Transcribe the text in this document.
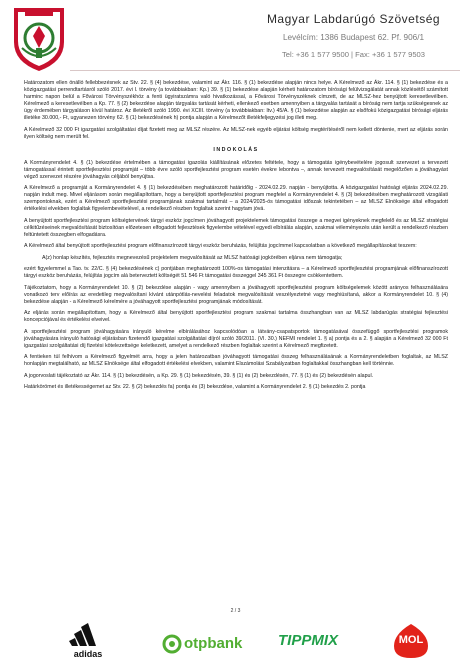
Magyar Labdarúgó Szövetség
Levélcím: 1386 Budapest 62. Pf. 906/1
Tel: +36 1 577 9500 | Fax: +36 1 577 9503

Határozatom ellen önálló fellebbezésnek az Stv. 22. § (4) bekezdése, valamint az Ákr. 116. § (1) bekezdése alapján nincs helye. A Kérelmező az Ákr. 114. § (1) bekezdése és a közigazgatási perrendtartásról szóló 2017. évi I. törvény (a továbbiakban: Kp.) 39. § (1) bekezdése alapján kérheti határozatom bírósági felülvizsgálatát annak közlésétől számított harminc napon belül a Fővárosi Törvényszékhöz a fenti ügyiratszámra való hivatkozással, a Fővárosi Törvényszéknek címzett, de az MLSZ-hez benyújtott keresetlevélben. Kérelmező a keresetlevélben a Kp. 77. § (2) bekezdése alapján tárgyalás tartását kérheti, ellenkező esetben amennyiben a tárgyalás tartását a bíróság nem tartja szükségesnek az ügy érdemében tárgyaláson kívül határoz. Az illetékről szóló 1990. évi XCIII. törvény (a továbbiakban: Itv.) 45/A. § (1) bekezdése alapján az elsőfokú közigazgatási bírósági eljárás illetéke 30.000,- Ft, ugyanezen törvény 62. § (1) bekezdésének h) pontja alapján a Kérelmezőt illetékfeljegyzési jog illeti meg.

A Kérelmező 32 000 Ft igazgatási szolgáltatási díjat fizetett meg az MLSZ részére. Az MLSZ-nek egyéb eljárási költség megtérítéséről nem kellett döntenie, mert az eljárás során ilyen költség nem merült fel.

INDOKOLÁS

A Kormányrendelet 4. § (1) bekezdése értelmében a támogatási igazolás kiállításának előzetes feltétele, hogy a támogatás igénybevételére jogosult szervezet a tervezett támogatással érintett sportfejlesztési programját – több évre szóló sportfejlesztési program esetén évekre lebontva –, annak tervezett megvalósítását megelőzően a jóváhagyást végző szervezet részére jóváhagyás céljából benyújtsa.

A Kérelmező a programját a Kormányrendelet 4. § (1) bekezdésében meghatározott határidőig - 2024.02.29. napján - benyújtotta. A közigazgatási hatósági eljárás 2024.02.29. napján indult meg. Mivel eljárásom során megállapítottam, hogy a benyújtott sportfejlesztési program megfelel a Kormányrendelet 4. § (3) bekezdésében meghatározott vizsgálati szempontoknak, ezért a Kérelmező sportfejlesztési programjának szakmai tartalmát – a 2024/2025-ös támogatási időszak tekintetében – az MLSZ Elnöksége által elfogadott értékelési elvekben foglaltak figyelembevételével, a rendelkező részben foglaltak szerint hagytam jóvá.

A benyújtott sportfejlesztési program költségtervének tárgyi eszköz jogcímen jóváhagyott projektelemek támogatási összege a megvei igényeknek megfelelő és az MLSZ stratégiai célkitűzéseinek megvalósítását biztosítóan előzetesen elfogadott fejlesztések figyelembe vételével egyedi elbírálás alapján, szakmai véleményezés után került a rendelkező részben feltüntetett összegben elfogadásra.

A Kérelmező által benyújtott sportfejlesztési program előfinanszírozott tárgyi eszköz beruházás, felújítás jogcímmel kapcsolatban a következő megállapításokat teszem:

A(z) honlap készítés, fejlesztés megnevezésű projektelem megvalósítását az MLSZ hatósági jogkörében eljárva nem támogatja;

ezért figyelemmel a Tao. tv. 22/C. § (4) bekezdésének c) pontjában meghatározott 100%-os támogatási intenzitásra – a Kérelmező sportfejlesztési programjának előfinanszírozott tárgyi eszköz beruházás, felújítás jogcím alá beterveztett költségét 51 546 Ft támogatási összeggel 345 361 Ft összegre csökkentettem.

Tájékoztatom, hogy a Kormányrendelet 10. § (2) bekezdése alapján - vagy amennyiben a jóváhagyott sportfejlesztési program költségelemek között arányos felhasználására vonatkozó terv előírás az eredetileg megvalósítani kívánt utánpótlás-nevelési feladatok megvalósítását veszélyeztetné vagy meghiúsítaná, akkor a Kormányrendelet 10. § (4) bekezdése alapján - a Kérelmező kérelmére a jóváhagyott sportfejlesztési programjának módosítását.

Az eljárás során megállapítottam, hogy a Kérelmező által benyújtott sportfejlesztési program szakmai tartalma összhangban van az MLSZ labdarúgás stratégiai fejlesztési koncepciójával és értékelési elveivel.

A sportfejlesztési program jóváhagyására irányuló kérelme elbírálásához kapcsolódóan a látvány-csapatsportok támogatásával összefüggő sportfejlesztési programok jóváhagyására irányuló hatósági eljárásban fizetendő igazgatási szolgáltatási díjról szóló 39/2011. (VI. 30.) NEFMI rendelet 1. § a) pontja és a 2. § alapján a Kérelmező 32 000 Ft igazgatási szolgáltatási díj fizetési kötelezettsége keletkezett, amelyet a rendelkező részben foglaltak szerint a Kérelmező megfizetett.

A fentieken túl felhívom a Kérelmező figyelmét arra, hogy a jelen határozatban jóváhagyott támogatási összeg felhasználásának a Kormányrendeletben foglaltak, az MLSZ honlapján megtalálható, az MLSZ Elnöksége által elfogadott értékelési elvekben, valamint Elszámolási Szabályzatban foglaltakkal összhangban kell történnie.

A jogorvoslati tájékoztató az Ákr. 114. § (1) bekezdésén, a Kp. 29. § (1) bekezdésén, 39. § (1) és (2) bekezdésén, 77. § (1) és (2) bekezdésén alapul.

Határkörömet és illetékességemet az Stv. 22. § (2) bekezdés fa) pontja és (3) bekezdése, valamint a Kormányrendelet 2. § (1) bekezdés 2. pontja

2 / 3
adidas
otpbank	TIPPMIX	MOL
